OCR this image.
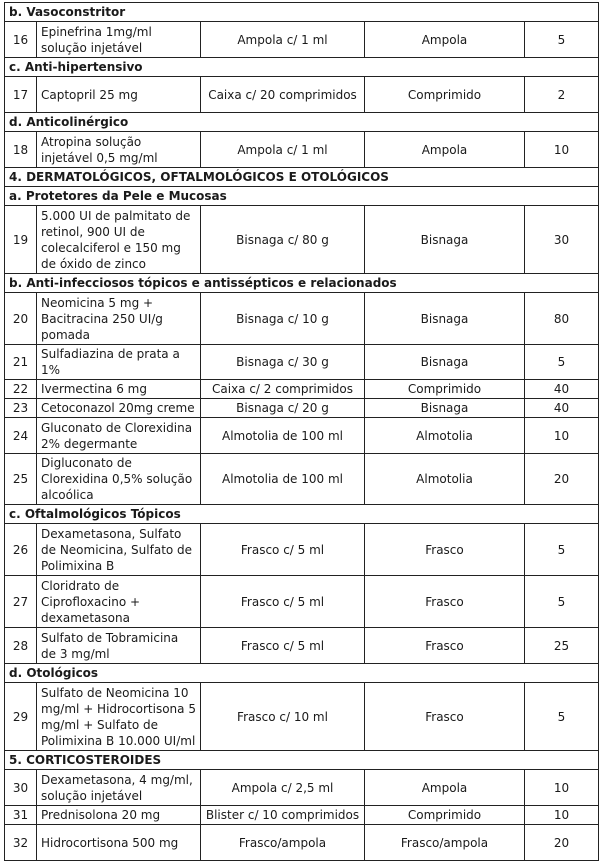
b. Vasoconstritor				
16	Epinefrina 1mg/ml solução injetável	Ampola c/ 1 ml	Ampola	5
c. Anti-hipertensivo				
17	Captopril 25 mg	Caixa c/ 20 comprimidos	Comprimido	2
d. Anticolinérgico				
18	Atropina solução injetável 0,5 mg/ml	Ampola c/ 1 ml	Ampola	10
4. DERMATOLÓGICOS, OFTALMOLÓGICOS E OTOLÓGICOS				
a. Protetores da Pele e Mucosas				
19	5.000 UI de palmitato de retinol, 900 UI de colecalciferol e 150 mg de óxido de zinco	Bisnaga c/ 80 g	Bisnaga	30
b. Anti-infecciosos tópicos e antissépticos e relacionados				
20	Neomicina 5 mg + Bacitracina 250 UI/g pomada	Bisnaga c/ 10 g	Bisnaga	80
21	Sulfadiazina de prata a 1%	Bisnaga c/ 30 g	Bisnaga	5
22	Ivermectina 6 mg	Caixa c/ 2 comprimidos	Comprimido	40
23	Cetoconazol 20mg creme	Bisnaga c/ 20 g	Bisnaga	40
24	Gluconato de Clorexidina 2% degermante	Almotolia de 100 ml	Almotolia	10
25	Digluconato de Clorexidina 0,5% solução alcoólica	Almotolia de 100 ml	Almotolia	20
c. Oftalmológicos Tópicos				
26	Dexametasona, Sulfato de Neomicina, Sulfato de Polimixina B	Frasco c/ 5 ml	Frasco	5
27	Cloridrato de Ciprofloxacino + dexametasona	Frasco c/ 5 ml	Frasco	5
28	Sulfato de Tobramicina de 3 mg/ml	Frasco c/ 5 ml	Frasco	25
d. Otológicos				
29	Sulfato de Neomicina 10 mg/ml + Hidrocortisona 5 mg/ml + Sulfato de Polimixina B 10.000 UI/ml	Frasco c/ 10 ml	Frasco	5
5. CORTICOSTEROIDES				
30	Dexametasona, 4 mg/ml, solução injetável	Ampola c/ 2,5 ml	Ampola	10
31	Prednisolona 20 mg	Blister c/ 10 comprimidos	Comprimido	10
32	Hidrocortisona 500 mg	Frasco/ampola	Frasco/ampola	20
